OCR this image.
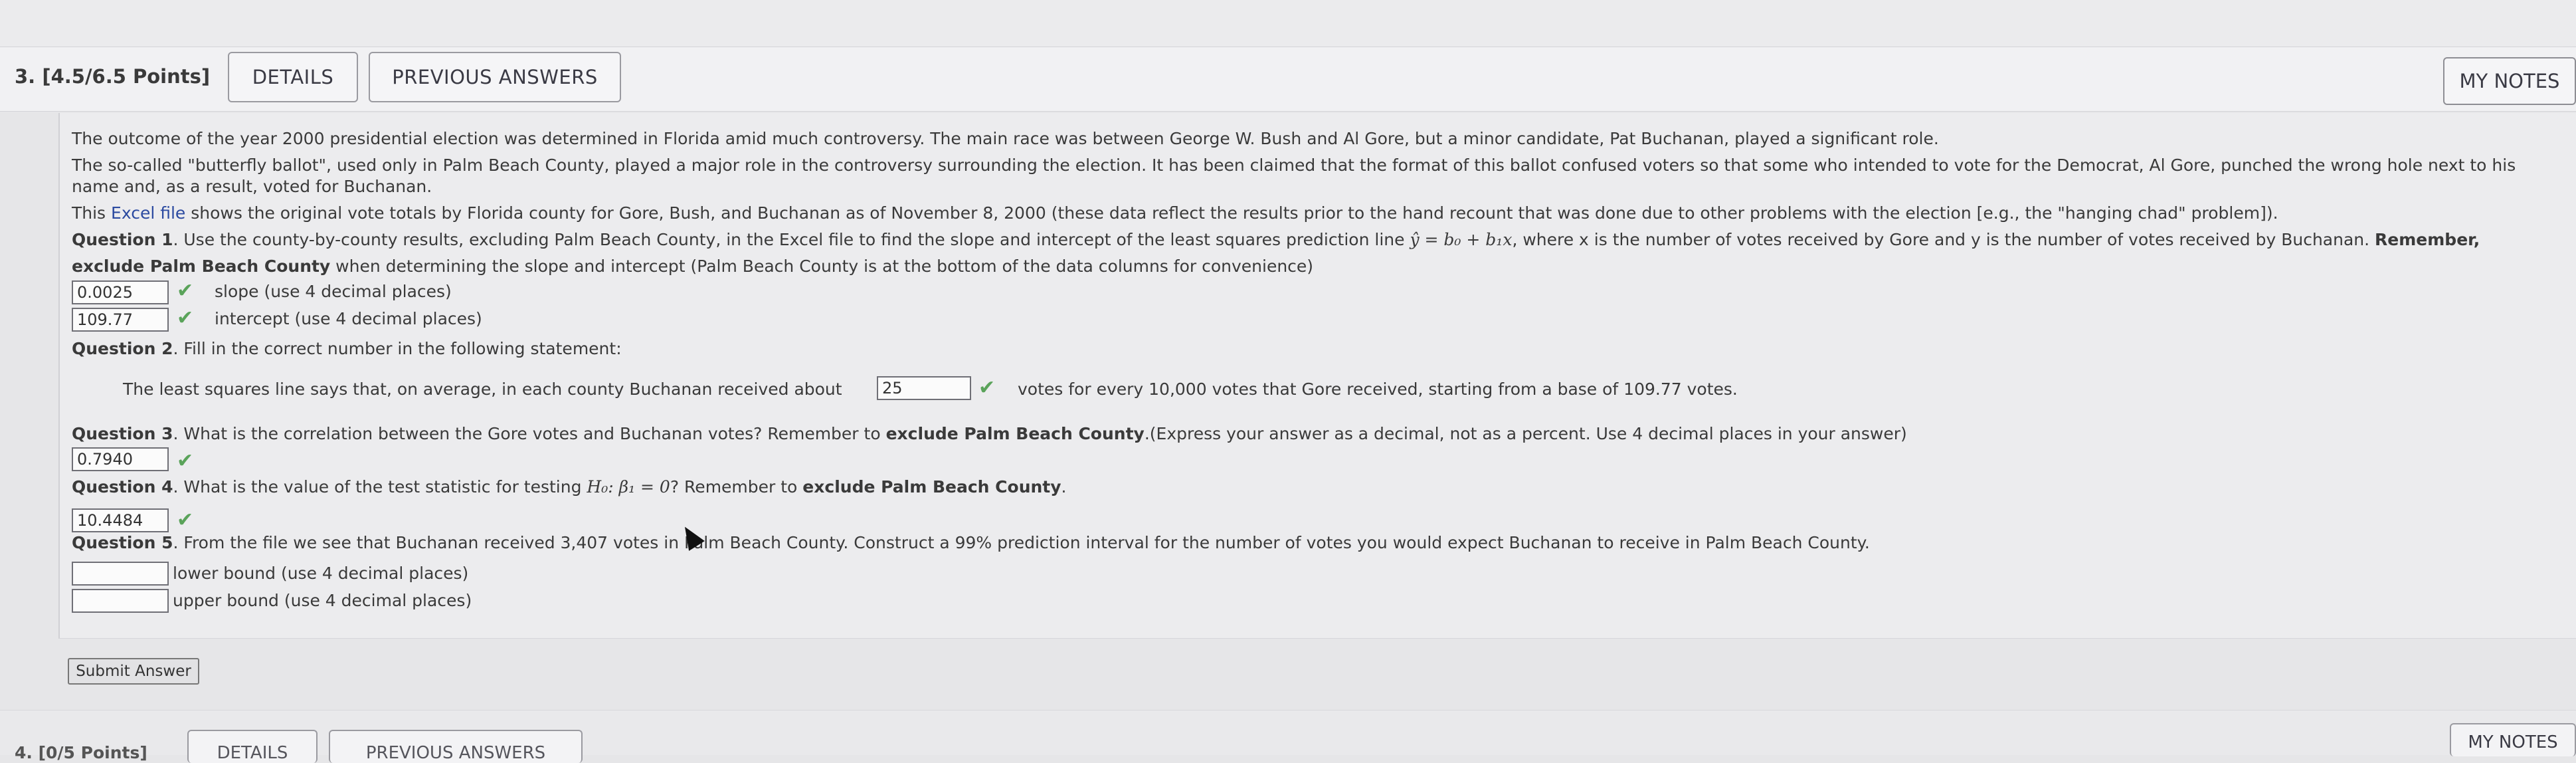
3. [4.5/6.5 Points]	DETAILS	PREVIOUS ANSWERS	MY NOTES
The outcome of the year 2000 presidential election was determined in Florida amid much controversy. The main race was between George W. Bush and Al Gore, but a minor candidate, Pat Buchanan, played a significant role.
The so-called "butterfly ballot", used only in Palm Beach County, played a major role in the controversy surrounding the election. It has been claimed that the format of this ballot confused voters so that some who intended to vote for the Democrat, Al Gore, punched the wrong hole next to his
name and, as a result, voted for Buchanan.
This Excel file shows the original vote totals by Florida county for Gore, Bush, and Buchanan as of November 8, 2000 (these data reflect the results prior to the hand recount that was done due to other problems with the election [e.g., the "hanging chad" problem]).
Question 1. Use the county-by-county results, excluding Palm Beach County, in the Excel file to find the slope and intercept of the least squares prediction line ŷ = b₀ + b₁x, where x is the number of votes received by Gore and y is the number of votes received by Buchanan. Remember,
exclude Palm Beach County when determining the slope and intercept (Palm Beach County is at the bottom of the data columns for convenience)
0.0025	✔ slope (use 4 decimal places)
109.77	✔ intercept (use 4 decimal places)
Question 2. Fill in the correct number in the following statement:
The least squares line says that, on average, in each county Buchanan received about	25	✔ votes for every 10,000 votes that Gore received, starting from a base of 109.77 votes.
Question 3. What is the correlation between the Gore votes and Buchanan votes? Remember to exclude Palm Beach County.(Express your answer as a decimal, not as a percent. Use 4 decimal places in your answer)
0.7940	✔
Question 4. What is the value of the test statistic for testing H₀: β₁ = 0? Remember to exclude Palm Beach County.
10.4484	✔
Question 5. From the file we see that Buchanan received 3,407 votes in Palm Beach County. Construct a 99% prediction interval for the number of votes you would expect Buchanan to receive in Palm Beach County.
lower bound (use 4 decimal places)
upper bound (use 4 decimal places)
Submit Answer
4. [0/5 Points]	DETAILS	PREVIOUS ANSWERS
MY NOTES
